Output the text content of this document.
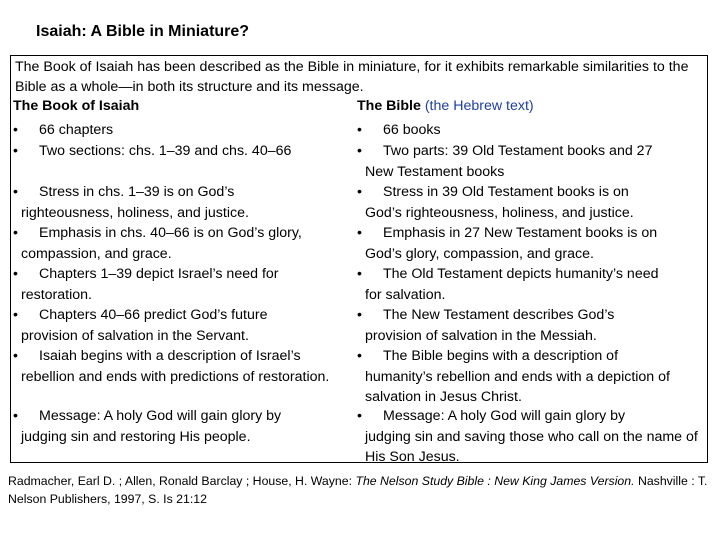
Isaiah: A Bible in Miniature?

The Book of Isaiah has been described as the Bible in miniature, for it exhibits remarkable similarities to the Bible as a whole—in both its structure and its message.

The Book of Isaiah
• 66 chapters
• Two sections: chs. 1–39 and chs. 40–66
• Stress in chs. 1–39 is on God’s
righteousness, holiness, and justice.
• Emphasis in chs. 40–66 is on God’s glory,
compassion, and grace.
• Chapters 1–39 depict Israel’s need for
restoration.
• Chapters 40–66 predict God’s future
provision of salvation in the Servant.
• Isaiah begins with a description of Israel’s
rebellion and ends with predictions of restoration.
• Message: A holy God will gain glory by
judging sin and restoring His people.
The Bible (the Hebrew text)
• 66 books
• Two parts: 39 Old Testament books and 27
New Testament books
• Stress in 39 Old Testament books is on
God’s righteousness, holiness, and justice.
• Emphasis in 27 New Testament books is on
God’s glory, compassion, and grace.
• The Old Testament depicts humanity’s need
for salvation.
• The New Testament describes God’s
provision of salvation in the Messiah.
• The Bible begins with a description of
humanity’s rebellion and ends with a depiction of salvation in Jesus Christ.
• Message: A holy God will gain glory by
judging sin and saving those who call on the name of His Son Jesus.

Radmacher, Earl D. ; Allen, Ronald Barclay ; House, H. Wayne: The Nelson Study Bible : New King James Version. Nashville : T. Nelson Publishers, 1997, S. Is 21:12
